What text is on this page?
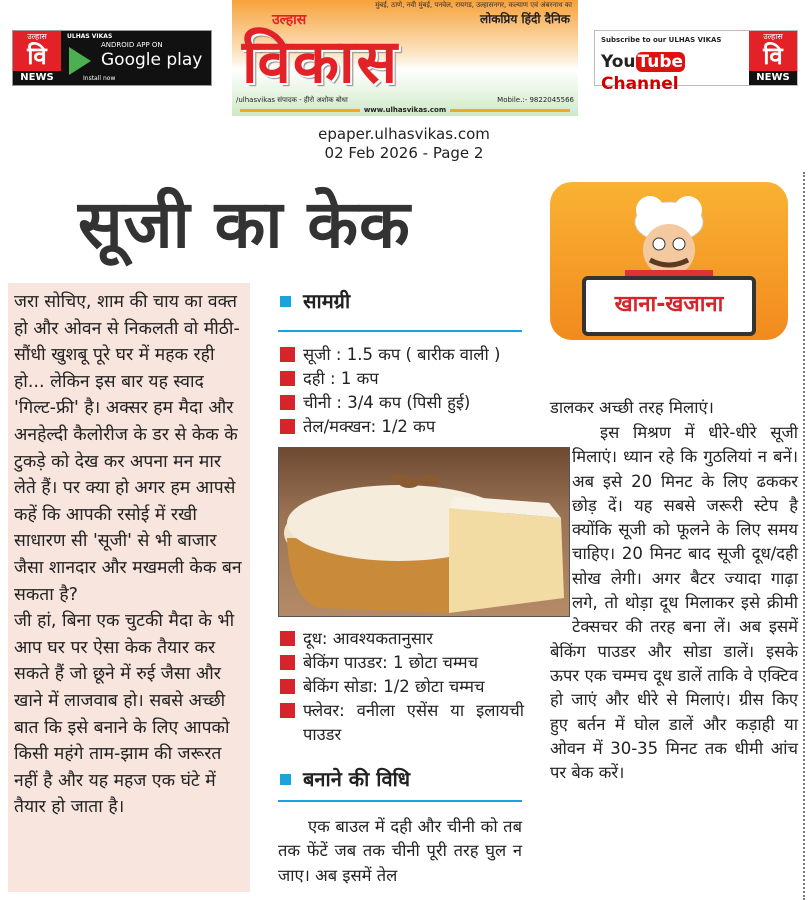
उल्हास
वि
NEWS
ULHAS VIKAS
ANDROID APP ON
Google play
Install now
मुंबई, ठाणे, नवी मुंबई, पनवेल, रायगड, उल्हासनगर, कल्याण एवं अंबरनाथ का
लोकप्रिय हिंदी दैनिक
उल्हास
विकास
/ulhasvikas संपादक - हीरो अशोक बोधा	Mobile.:- 9822045566
www.ulhasvikas.com
Subscribe to our ULHAS VIKAS
You Tube Channel
उल्हास
वि
NEWS
epaper.ulhasvikas.com
02 Feb 2026 - Page 2
सूजी का केक
खाना-खजाना

जरा सोचिए, शाम की चाय का वक्त हो और ओवन से निकलती वो मीठी-सौंधी खुशबू पूरे घर में महक रही हो... लेकिन इस बार यह स्वाद 'गिल्ट-फ्री' है। अक्सर हम मैदा और अनहेल्दी कैलोरीज के डर से केक के टुकड़े को देख कर अपना मन मार लेते हैं। पर क्या हो अगर हम आपसे कहें कि आपकी रसोई में रखी साधारण सी 'सूजी' से भी बाजार जैसा शानदार और मखमली केक बन सकता है?

जी हां, बिना एक चुटकी मैदा के भी आप घर पर ऐसा केक तैयार कर सकते हैं जो छूने में रुई जैसा और खाने में लाजवाब हो। सबसे अच्छी बात कि इसे बनाने के लिए आपको किसी महंगे ताम-झाम की जरूरत नहीं है और यह महज एक घंटे में तैयार हो जाता है।

सामग्री
सूजी : 1.5 कप ( बारीक वाली )
दही : 1 कप
चीनी : 3/4 कप (पिसी हुई)
तेल/मक्खन: 1/2 कप
दूध: आवश्यकतानुसार
बेकिंग पाउडर: 1 छोटा चम्मच
बेकिंग सोडा: 1/2 छोटा चम्मच
फ्लेवर: वनीला एसेंस या इलायची पाउडर
बनाने की विधि
एक बाउल में दही और चीनी को तब तक फेंटें जब तक चीनी पूरी तरह घुल न जाए। अब इसमें तेल
डालकर अच्छी तरह मिलाएं।
इस मिश्रण में धीरे-धीरे सूजी मिलाएं। ध्यान रहे कि गुठलियां न बनें। अब इसे 20 मिनट के लिए ढककर छोड़ दें। यह सबसे जरूरी स्टेप है क्योंकि सूजी को फूलने के लिए समय चाहिए। 20 मिनट बाद सूजी दूध/दही सोख लेगी। अगर बैटर ज्यादा गाढ़ा लगे, तो थोड़ा दूध मिलाकर इसे क्रीमी टेक्सचर की तरह बना लें। अब इसमें बेकिंग पाउडर और सोडा डालें। इसके ऊपर एक चम्मच दूध डालें ताकि वे एक्टिव हो जाएं और धीरे से मिलाएं। ग्रीस किए हुए बर्तन में घोल डालें और कड़ाही या ओवन में 30-35 मिनट तक धीमी आंच पर बेक करें।
